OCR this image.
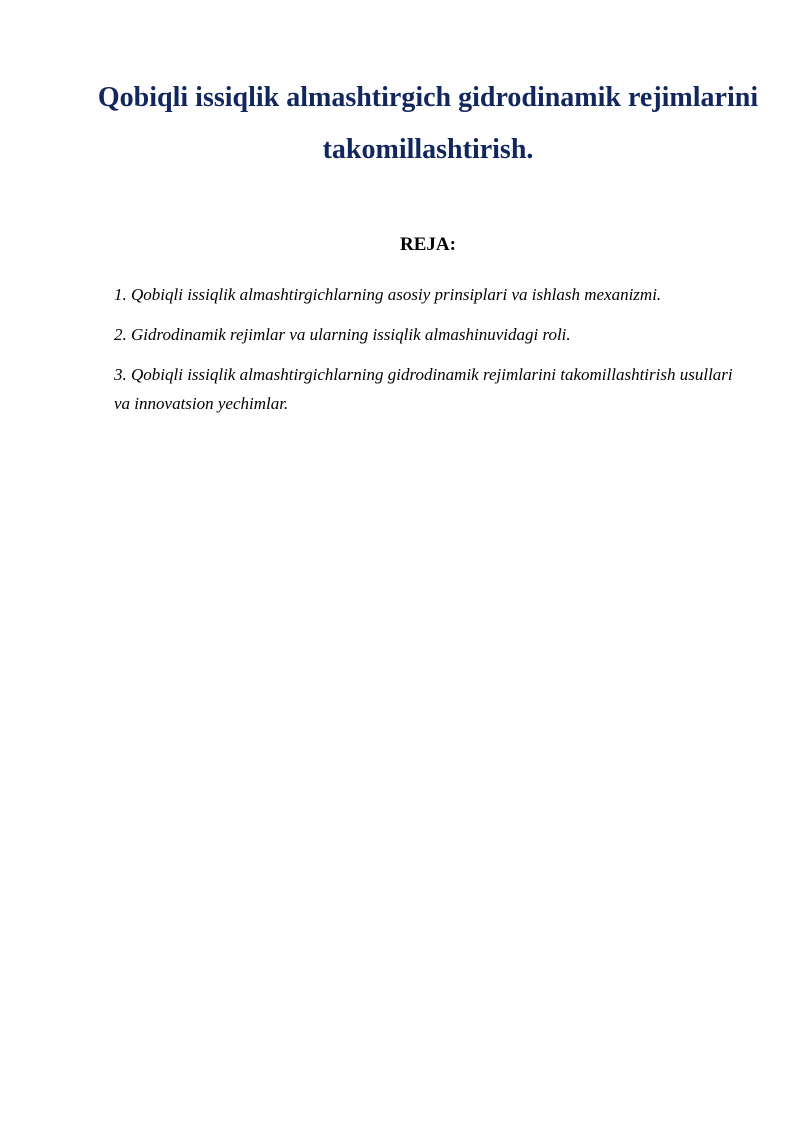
Qobiqli issiqlik almashtirgich gidrodinamik rejimlarini takomillashtirish.
REJA:
1. Qobiqli issiqlik almashtirgichlarning asosiy prinsiplari va ishlash mexanizmi.
2. Gidrodinamik rejimlar va ularning issiqlik almashinuvidagi roli.
3. Qobiqli issiqlik almashtirgichlarning gidrodinamik rejimlarini takomillashtirish usullari va innovatsion yechimlar.
